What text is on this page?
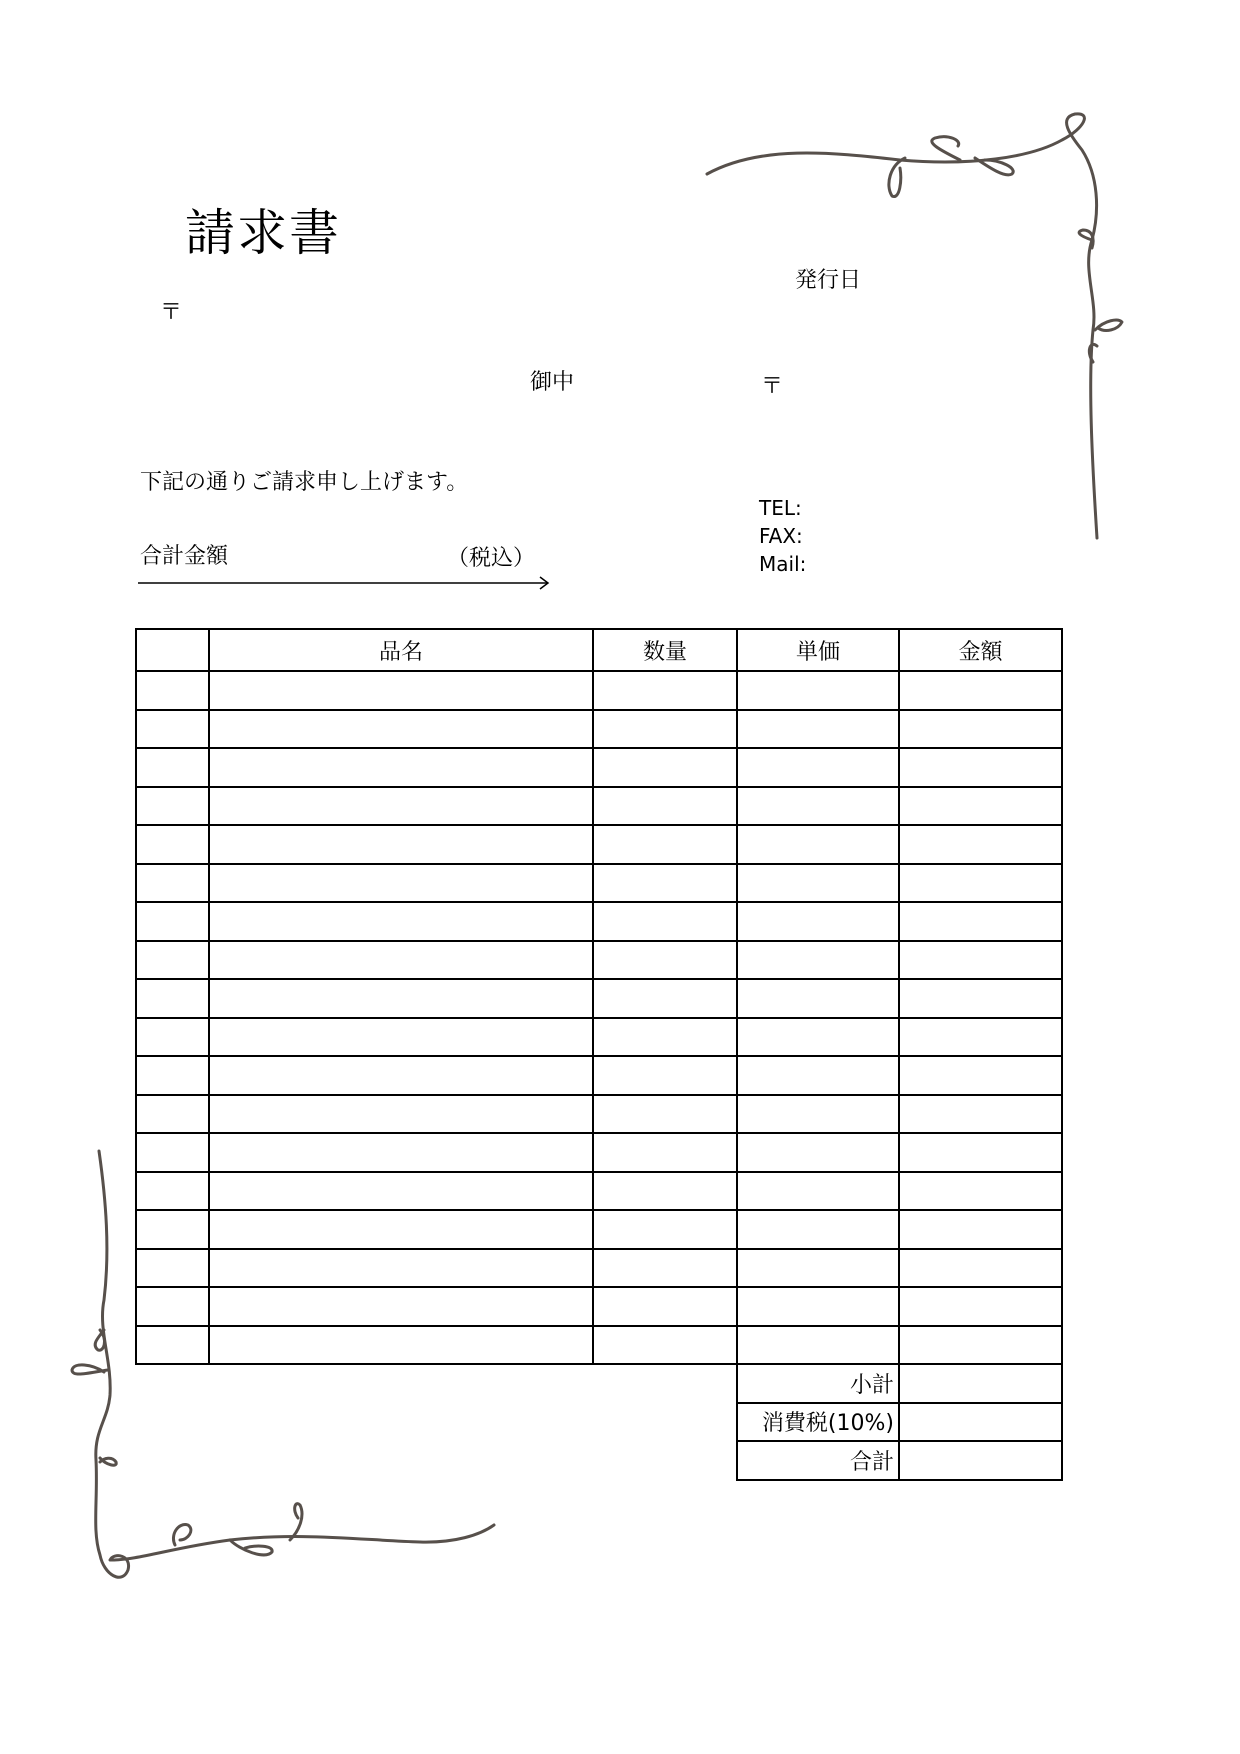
請求書
〒
御中
発行日
〒
下記の通りご請求申し上げます。
TEL:
FAX:
Mail:
合計金額	（税込）
	品名	数量	単価	金額

			小計	
			消費税(10%)	
			合計	
